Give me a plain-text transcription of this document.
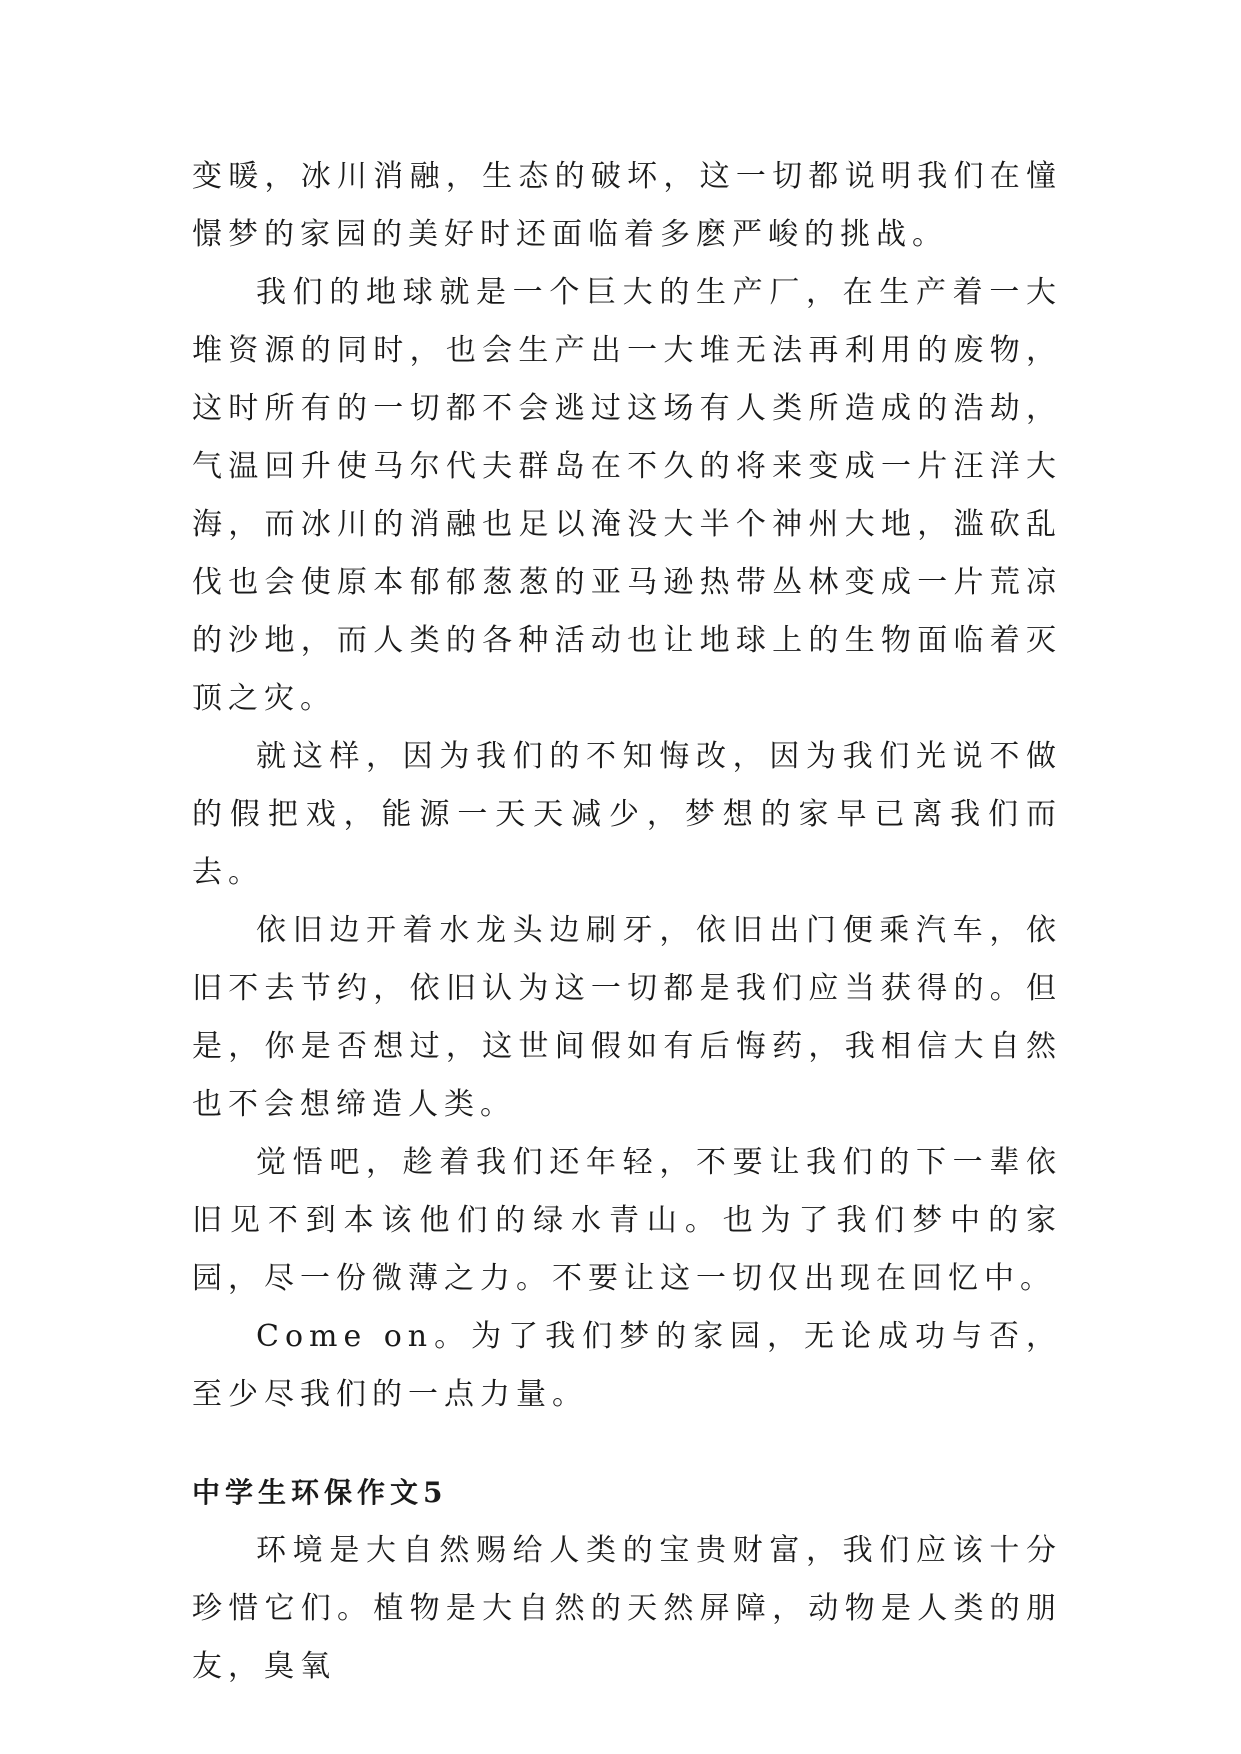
变暖，冰川消融，生态的破坏，这一切都说明我们在憧憬梦的家园的美好时还面临着多麽严峻的挑战。

我们的地球就是一个巨大的生产厂，在生产着一大堆资源的同时，也会生产出一大堆无法再利用的废物，这时所有的一切都不会逃过这场有人类所造成的浩劫，气温回升使马尔代夫群岛在不久的将来变成一片汪洋大海，而冰川的消融也足以淹没大半个神州大地，滥砍乱伐也会使原本郁郁葱葱的亚马逊热带丛林变成一片荒凉的沙地，而人类的各种活动也让地球上的生物面临着灭顶之灾。

就这样，因为我们的不知悔改，因为我们光说不做的假把戏，能源一天天减少，梦想的家早已离我们而去。

依旧边开着水龙头边刷牙，依旧出门便乘汽车，依旧不去节约，依旧认为这一切都是我们应当获得的。但是，你是否想过，这世间假如有后悔药，我相信大自然也不会想缔造人类。

觉悟吧，趁着我们还年轻，不要让我们的下一辈依旧见不到本该他们的绿水青山。也为了我们梦中的家园，尽一份微薄之力。不要让这一切仅出现在回忆中。

Come on。为了我们梦的家园，无论成功与否，至少尽我们的一点力量。

中学生环保作文5

环境是大自然赐给人类的宝贵财富，我们应该十分珍惜它们。植物是大自然的天然屏障，动物是人类的朋友，臭氧
